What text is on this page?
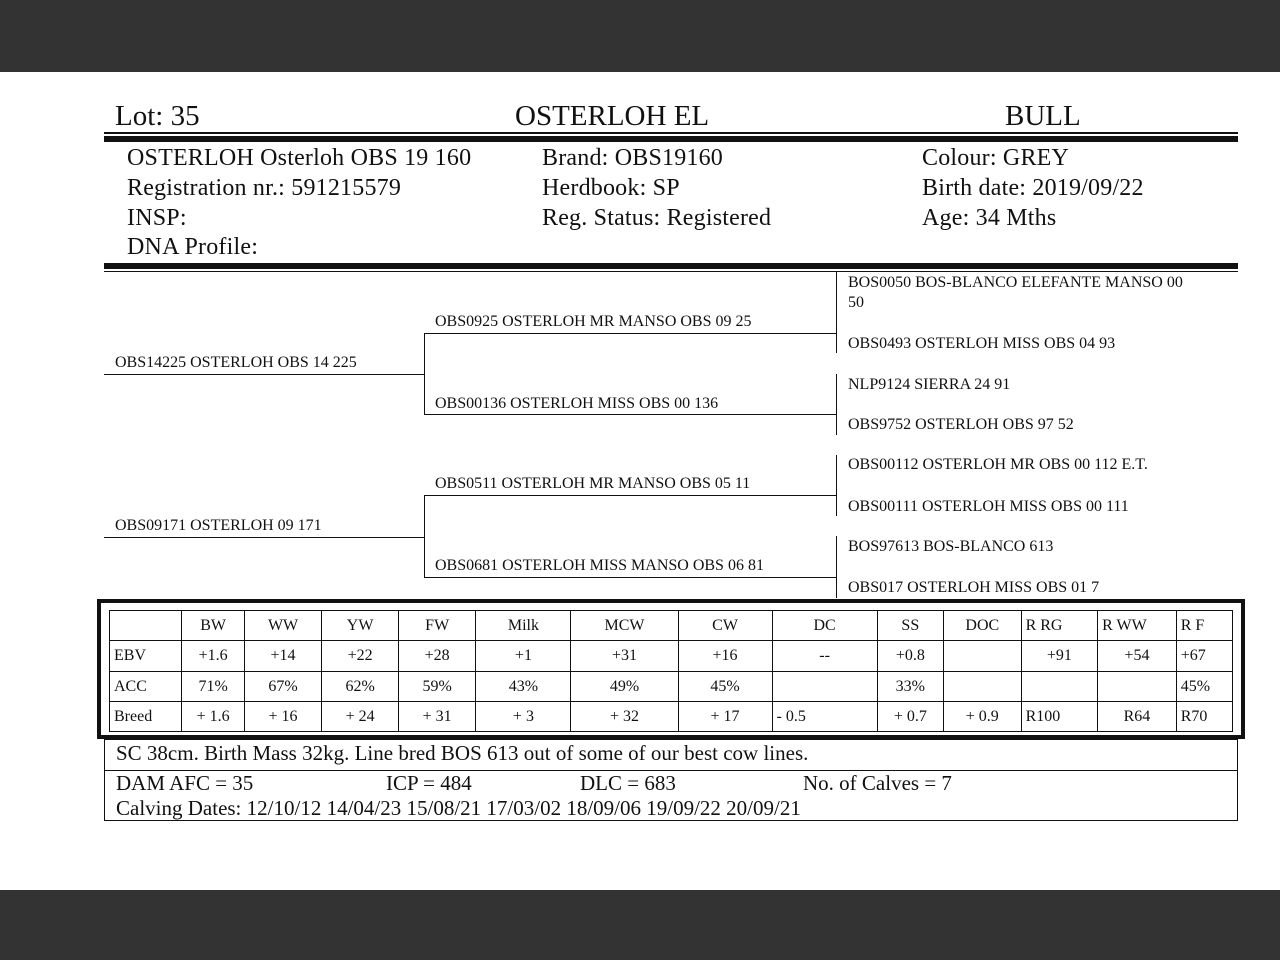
Lot: 35	OSTERLOH EL	BULL
OSTERLOH Osterloh OBS 19 160
Registration nr.: 591215579
INSP:
DNA Profile:
Brand: OBS19160
Herdbook: SP
Reg. Status: Registered
Colour: GREY
Birth date: 2019/09/22
Age: 34 Mths
OBS14225 OSTERLOH OBS 14 225
OBS09171 OSTERLOH 09 171
OBS0925 OSTERLOH MR MANSO OBS 09 25
OBS00136 OSTERLOH MISS OBS 00 136
OBS0511 OSTERLOH MR MANSO OBS 05 11
OBS0681 OSTERLOH MISS MANSO OBS 06 81
BOS0050 BOS-BLANCO ELEFANTE MANSO 00
50
OBS0493 OSTERLOH MISS OBS 04 93
NLP9124 SIERRA 24 91
OBS9752 OSTERLOH OBS 97 52
OBS00112 OSTERLOH MR OBS 00 112 E.T.
OBS00111 OSTERLOH MISS OBS 00 111
BOS97613 BOS-BLANCO 613
OBS017 OSTERLOH MISS OBS 01 7
	BW	WW	YW	FW	Milk	MCW	CW	DC	SS	DOC	R RG	R WW	R F
EBV	+1.6	+14	+22	+28	+1	+31	+16	--	+0.8		+91	+54	+67
ACC	71%	67%	62%	59%	43%	49%	45%		33%				45%
Breed	+ 1.6	+ 16	+ 24	+ 31	+ 3	+ 32	+ 17	- 0.5	+ 0.7	+ 0.9	R100	R64	R70
SC 38cm. Birth Mass 32kg. Line bred BOS 613 out of some of our best cow lines.
DAM AFC = 35	ICP = 484	DLC = 683	No. of Calves = 7
Calving Dates: 12/10/12 14/04/23 15/08/21 17/03/02 18/09/06 19/09/22 20/09/21
